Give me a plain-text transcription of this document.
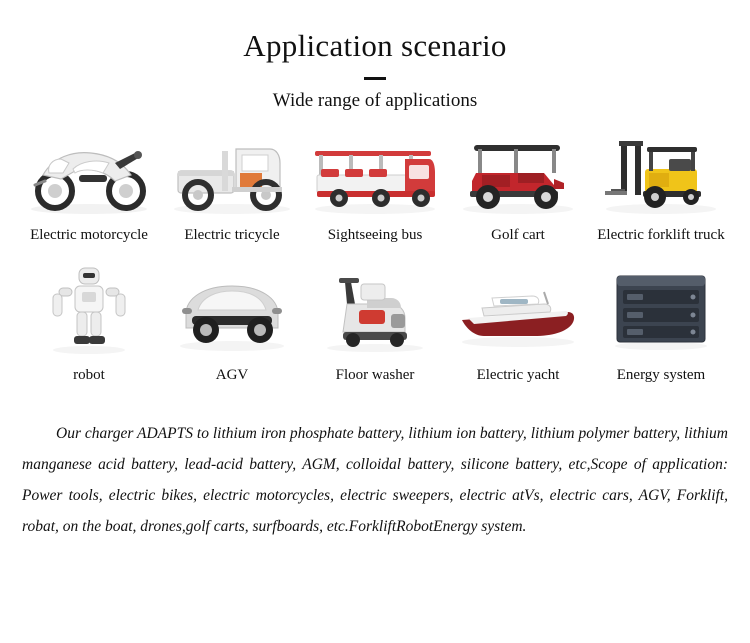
Application scenario
Wide range of applications
Electric motorcycle Electric tricycle	Sightseeing bus	Golf cart	Electric forklift truck
robot	AGV	Floor washer	Electric yacht	Energy system
Our charger ADAPTS to lithium iron phosphate battery, lithium ion battery, lithium polymer battery, lithium manganese acid battery, lead-acid battery, AGM, colloidal battery, silicone battery, etc,Scope of application: Power tools, electric bikes, electric motorcycles, electric sweepers, electric atVs, electric cars, AGV, Forklift, robat, on the boat, drones,golf carts, surfboards, etc.ForkliftRobotEnergy system.
